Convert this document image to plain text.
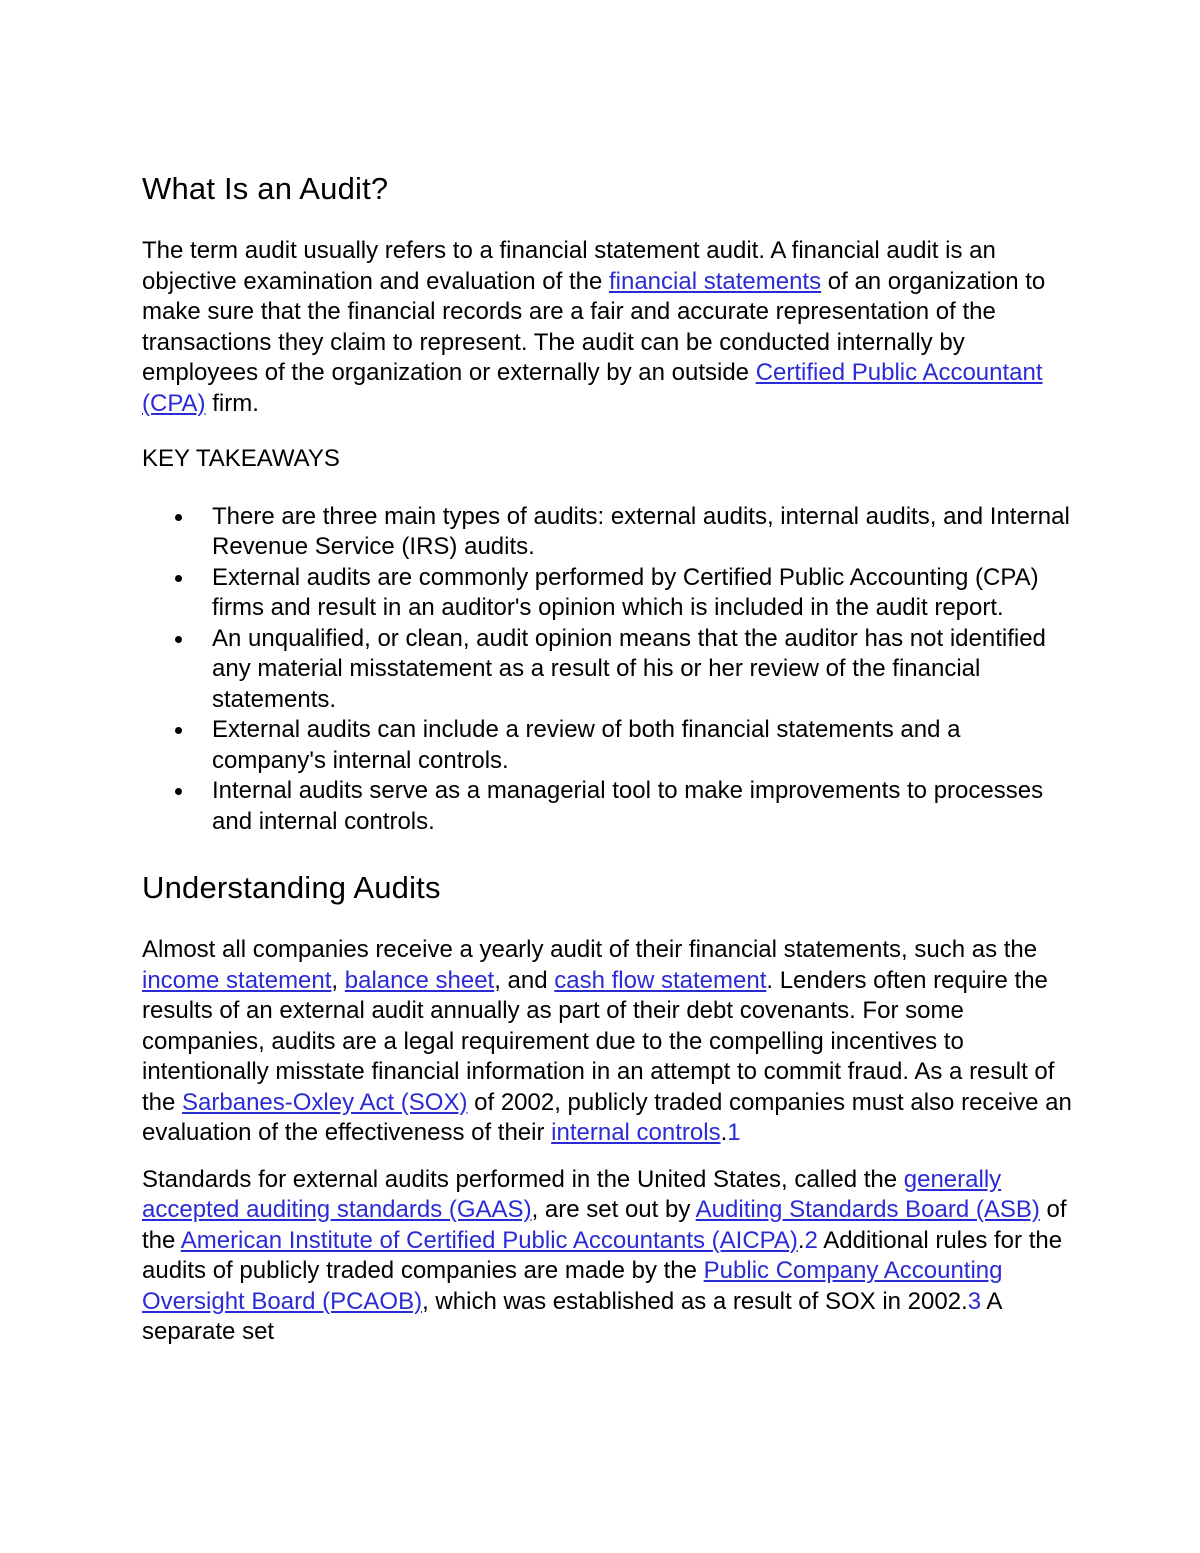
What Is an Audit?

The term audit usually refers to a financial statement audit. A financial audit is an objective examination and evaluation of the financial statements of an organization to make sure that the financial records are a fair and accurate representation of the transactions they claim to represent. The audit can be conducted internally by employees of the organization or externally by an outside Certified Public Accountant (CPA) firm.

KEY TAKEAWAYS

There are three main types of audits: external audits, internal audits, and Internal Revenue Service (IRS) audits.
External audits are commonly performed by Certified Public Accounting (CPA) firms and result in an auditor's opinion which is included in the audit report.
An unqualified, or clean, audit opinion means that the auditor has not identified any material misstatement as a result of his or her review of the financial statements.
External audits can include a review of both financial statements and a company's internal controls.
Internal audits serve as a managerial tool to make improvements to processes and internal controls.
Understanding Audits

Almost all companies receive a yearly audit of their financial statements, such as the income statement, balance sheet, and cash flow statement. Lenders often require the results of an external audit annually as part of their debt covenants. For some companies, audits are a legal requirement due to the compelling incentives to intentionally misstate financial information in an attempt to commit fraud. As a result of the Sarbanes-Oxley Act (SOX) of 2002, publicly traded companies must also receive an evaluation of the effectiveness of their internal controls.1

Standards for external audits performed in the United States, called the generally accepted auditing standards (GAAS), are set out by Auditing Standards Board (ASB) of the American Institute of Certified Public Accountants (AICPA).2 Additional rules for the audits of publicly traded companies are made by the Public Company Accounting Oversight Board (PCAOB), which was established as a result of SOX in 2002.3 A separate set
